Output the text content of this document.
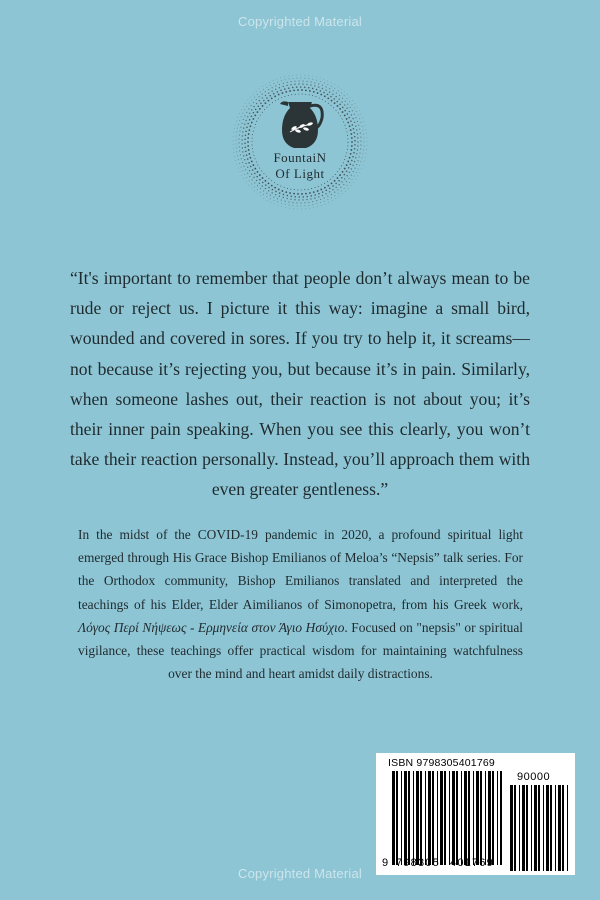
Copyrighted Material
FountaiN
Of Light
“It's important to remember that people don’t always mean to be rude or reject us. I picture it this way: imagine a small bird, wounded and covered in sores. If you try to help it, it screams—not because it’s rejecting you, but because it’s in pain. Similarly, when someone lashes out, their reaction is not about you; it’s their inner pain speaking. When you see this clearly, you won’t take their reaction personally. Instead, you’ll approach them with even greater gentleness.”
In the midst of the COVID-19 pandemic in 2020, a profound spiritual light emerged through His Grace Bishop Emilianos of Meloa’s “Nepsis” talk series. For the Orthodox community, Bishop Emilianos translated and interpreted the teachings of his Elder, Elder Aimilianos of Simonopetra, from his Greek work, Λόγος Περί Νήψεως - Ερμηνεία στον Άγιο Ησύχιο. Focused on "nepsis" or spiritual vigilance, these teachings offer practical wisdom for maintaining watchfulness over the mind and heart amidst daily distractions.
ISBN 9798305401769
90000
9 798305 401769
Copyrighted Material
